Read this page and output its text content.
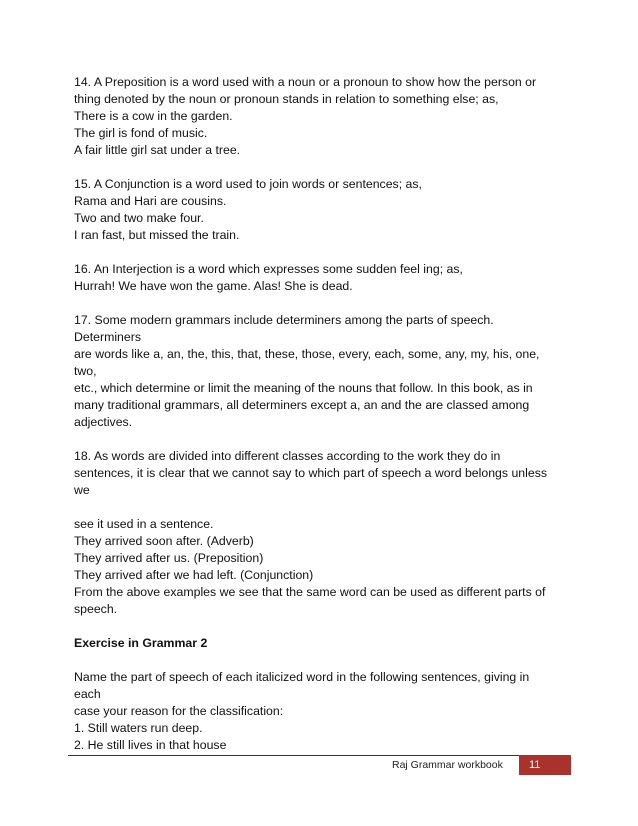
14. A Preposition is a word used with a noun or a pronoun to show how the person or
thing denoted by the noun or pronoun stands in relation to something else; as,
There is a cow in the garden.
The girl is fond of music.
A fair little girl sat under a tree.
15. A Conjunction is a word used to join words or sentences; as,
Rama and Hari are cousins.
Two and two make four.
I ran fast, but missed the train.
16. An Interjection is a word which expresses some sudden feel ing; as,
Hurrah! We have won the game. Alas! She is dead.
17. Some modern grammars include determiners among the parts of speech.
Determiners
are words like a, an, the, this, that, these, those, every, each, some, any, my, his, one,
two,
etc., which determine or limit the meaning of the nouns that follow. In this book, as in
many traditional grammars, all determiners except a, an and the are classed among
adjectives.
18. As words are divided into different classes according to the work they do in
sentences, it is clear that we cannot say to which part of speech a word belongs unless
we
see it used in a sentence.
They arrived soon after. (Adverb)
They arrived after us. (Preposition)
They arrived after we had left. (Conjunction)
From the above examples we see that the same word can be used as different parts of
speech.
Exercise in Grammar 2
Name the part of speech of each italicized word in the following sentences, giving in
each
case your reason for the classification:
1. Still waters run deep.
2. He still lives in that house
Raj Grammar workbook	11
